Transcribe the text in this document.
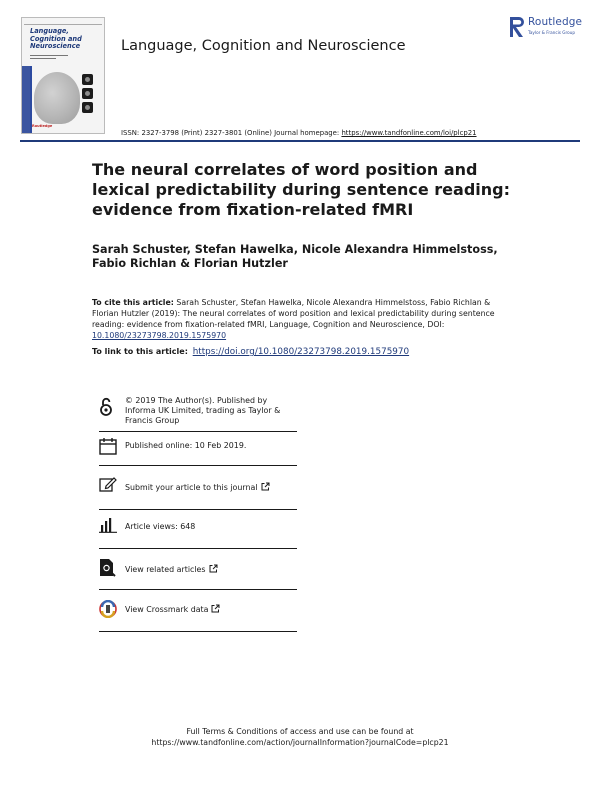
Language,
Cognition and
Neuroscience
Routledge
Language, Cognition and Neuroscience
Routledge
Taylor & Francis Group
ISSN: 2327-3798 (Print) 2327-3801 (Online) Journal homepage: https://www.tandfonline.com/loi/plcp21
The neural correlates of word position and lexical predictability during sentence reading: evidence from fixation-related fMRI
Sarah Schuster, Stefan Hawelka, Nicole Alexandra Himmelstoss, Fabio Richlan & Florian Hutzler
To cite this article: Sarah Schuster, Stefan Hawelka, Nicole Alexandra Himmelstoss, Fabio Richlan & Florian Hutzler (2019): The neural correlates of word position and lexical predictability during sentence reading: evidence from fixation-related fMRI, Language, Cognition and Neuroscience, DOI: 10.1080/23273798.2019.1575970
To link to this article: https://doi.org/10.1080/23273798.2019.1575970
© 2019 The Author(s). Published by Informa UK Limited, trading as Taylor & Francis Group
Published online: 10 Feb 2019.
Submit your article to this journal
Article views: 648
View related articles
View Crossmark data
Full Terms & Conditions of access and use can be found at
https://www.tandfonline.com/action/journalInformation?journalCode=plcp21
